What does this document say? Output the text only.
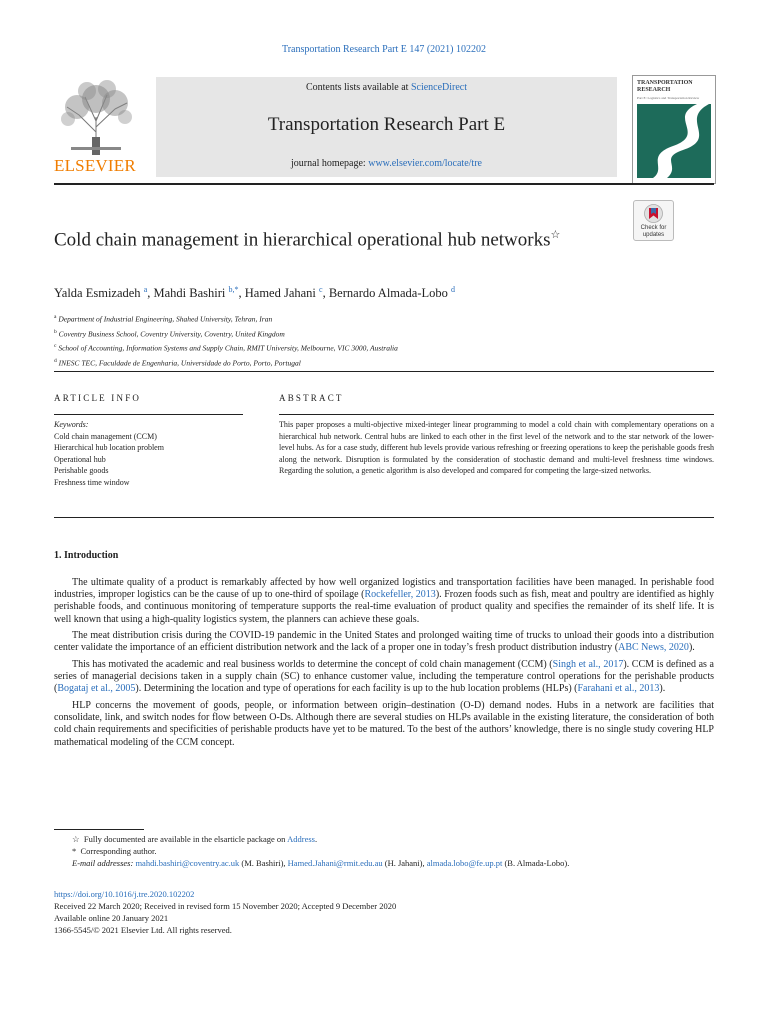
Transportation Research Part E 147 (2021) 102202
ELSEVIER
Contents lists available at ScienceDirect
Transportation Research Part E
journal homepage: www.elsevier.com/locate/tre
TRANSPORTATION RESEARCH
Part E: Logistics and Transportation Review
Check for updates
Cold chain management in hierarchical operational hub networks☆
Yalda Esmizadeh $^a$, Mahdi Bashiri $^{b,*}$, Hamed Jahani $^c$, Bernardo Almada-Lobo $^d$
$^a$ Department of Industrial Engineering, Shahed University, Tehran, Iran
$^b$ Coventry Business School, Coventry University, Coventry, United Kingdom
$^c$ School of Accounting, Information Systems and Supply Chain, RMIT University, Melbourne, VIC 3000, Australia
$^d$ INESC TEC, Faculdade de Engenharia, Universidade do Porto, Porto, Portugal
ARTICLE INFO	ABSTRACT
Keywords:
Cold chain management (CCM)
Hierarchical hub location problem
Operational hub
Perishable goods
Freshness time window
This paper proposes a multi-objective mixed-integer linear programming to model a cold chain with complementary operations on a hierarchical hub network. Central hubs are linked to each other in the first level of the network and to the star network of the lower-level hubs. As for a case study, different hub levels provide various refreshing or freezing operations to keep the perishable goods fresh along the network. Disruption is formulated by the consideration of stochastic demand and multi-level freshness time windows. Regarding the solution, a genetic algorithm is also developed and compared for competing the large-sized networks.
1. Introduction

The ultimate quality of a product is remarkably affected by how well organized logistics and transportation facilities have been managed. In perishable food industries, improper logistics can be the cause of up to one-third of spoilage (Rockefeller, 2013). Frozen foods such as fish, meat and poultry are identified as highly perishable foods, and continuous monitoring of temperature supports the real-time evaluation of product quality and specifies the remainder of its shelf life. It is well known that using a high-quality logistics system, the planners can achieve these goals.

The meat distribution crisis during the COVID-19 pandemic in the United States and prolonged waiting time of trucks to unload their goods into a distribution center validate the importance of an efficient distribution network and the lack of a proper one in today’s fresh product distribution industry (ABC News, 2020).

This has motivated the academic and real business worlds to determine the concept of cold chain management (CCM) (Singh et al., 2017). CCM is defined as a series of managerial decisions taken in a supply chain (SC) to enhance customer value, including the temperature control operations for the perishable products (Bogataj et al., 2005). Determining the location and type of operations for each facility is up to the hub location problems (HLPs) (Farahani et al., 2013).

HLP concerns the movement of goods, people, or information between origin–destination (O-D) demand nodes. Hubs in a network are facilities that consolidate, link, and switch nodes for flow between O-Ds. Although there are several studies on HLPs available in the existing literature, the consideration of both cold chain requirements and specificities of perishable products have yet to be matured. To the best of the authors’ knowledge, there is no single study covering HLP mathematical modeling of the CCM concept.

☆  Fully documented are available in the elsarticle package on Address.
*  Corresponding author.
E-mail addresses: mahdi.bashiri@coventry.ac.uk (M. Bashiri), Hamed.Jahani@rmit.edu.au (H. Jahani), almada.lobo@fe.up.pt (B. Almada-Lobo).
https://doi.org/10.1016/j.tre.2020.102202
Received 22 March 2020; Received in revised form 15 November 2020; Accepted 9 December 2020
Available online 20 January 2021
1366-5545/© 2021 Elsevier Ltd. All rights reserved.
